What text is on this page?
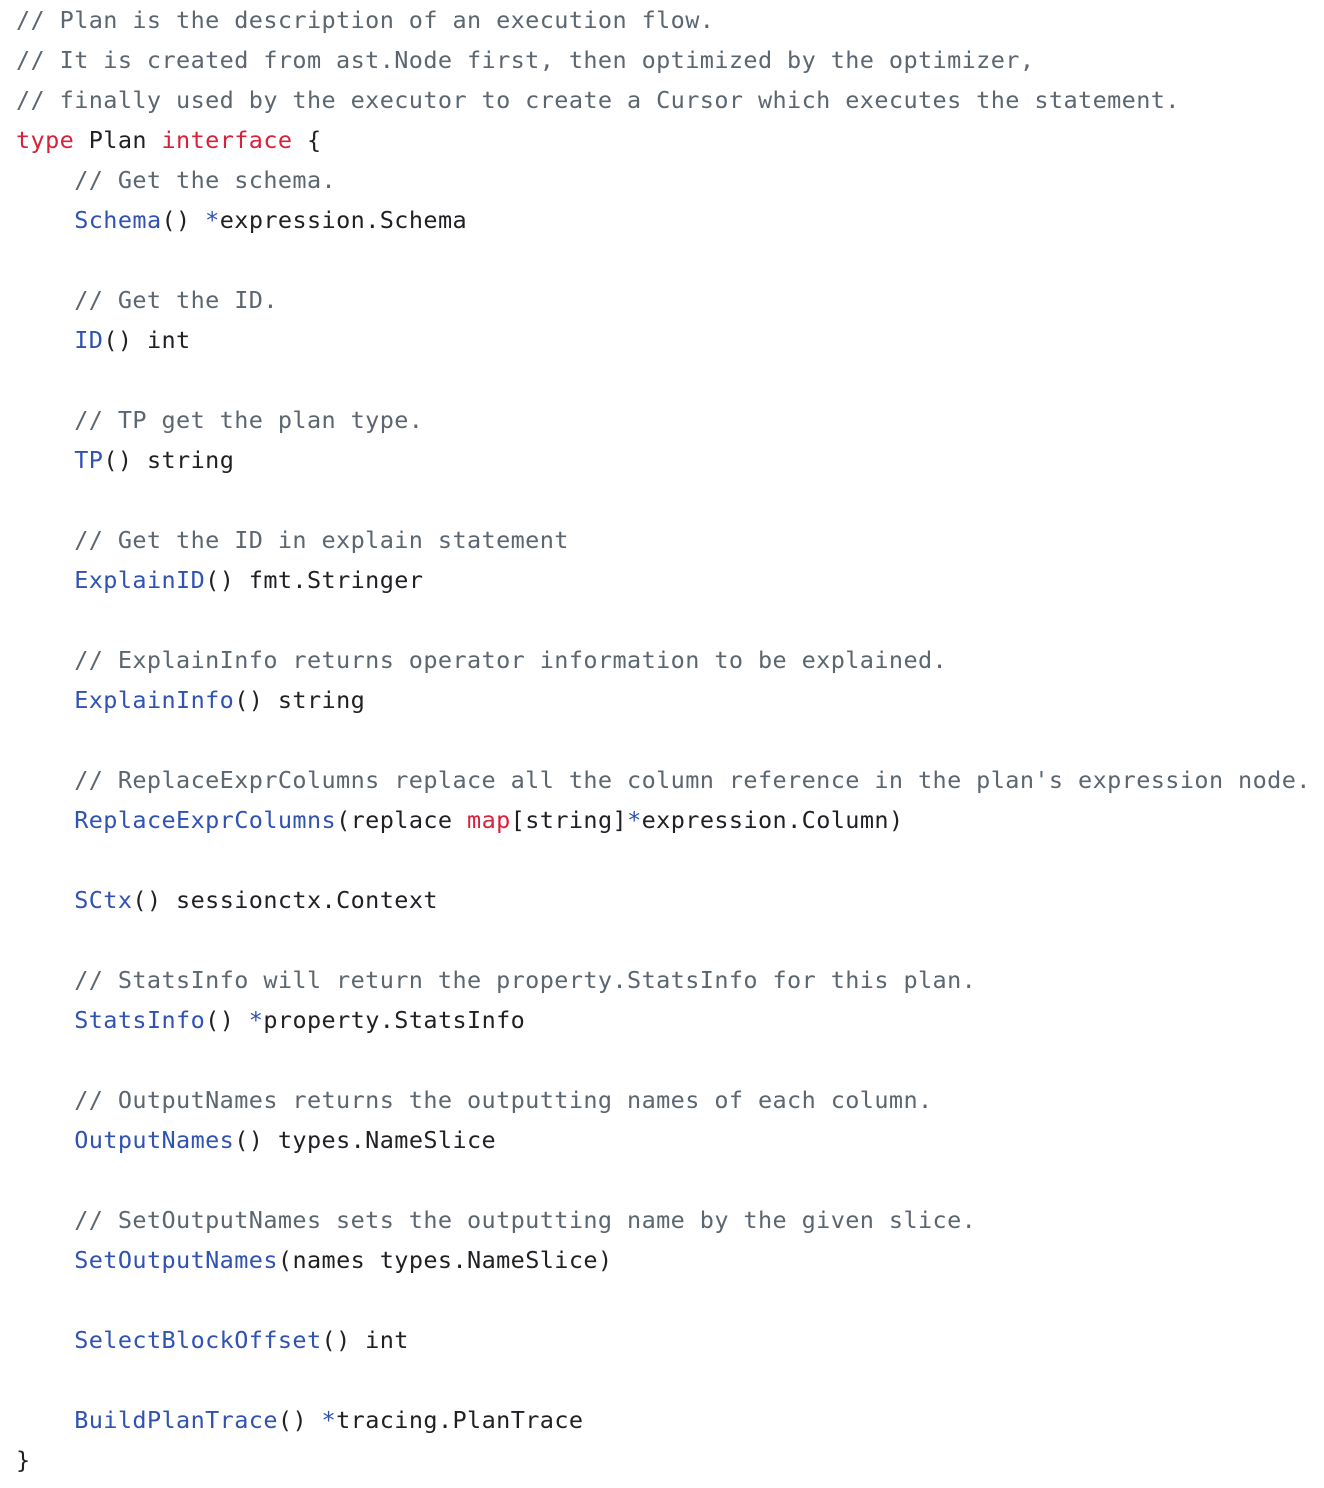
// Plan is the description of an execution flow.
// It is created from ast.Node first, then optimized by the optimizer,
// finally used by the executor to create a Cursor which executes the statement.
type Plan interface {
// Get the schema.
Schema() *expression.Schema
// Get the ID.
ID() int
// TP get the plan type.
TP() string
// Get the ID in explain statement
ExplainID() fmt.Stringer
// ExplainInfo returns operator information to be explained.
ExplainInfo() string
// ReplaceExprColumns replace all the column reference in the plan's expression node.
ReplaceExprColumns(replace map[string]*expression.Column)
SCtx() sessionctx.Context
// StatsInfo will return the property.StatsInfo for this plan.
StatsInfo() *property.StatsInfo
// OutputNames returns the outputting names of each column.
OutputNames() types.NameSlice
// SetOutputNames sets the outputting name by the given slice.
SetOutputNames(names types.NameSlice)
SelectBlockOffset() int
BuildPlanTrace() *tracing.PlanTrace
}
